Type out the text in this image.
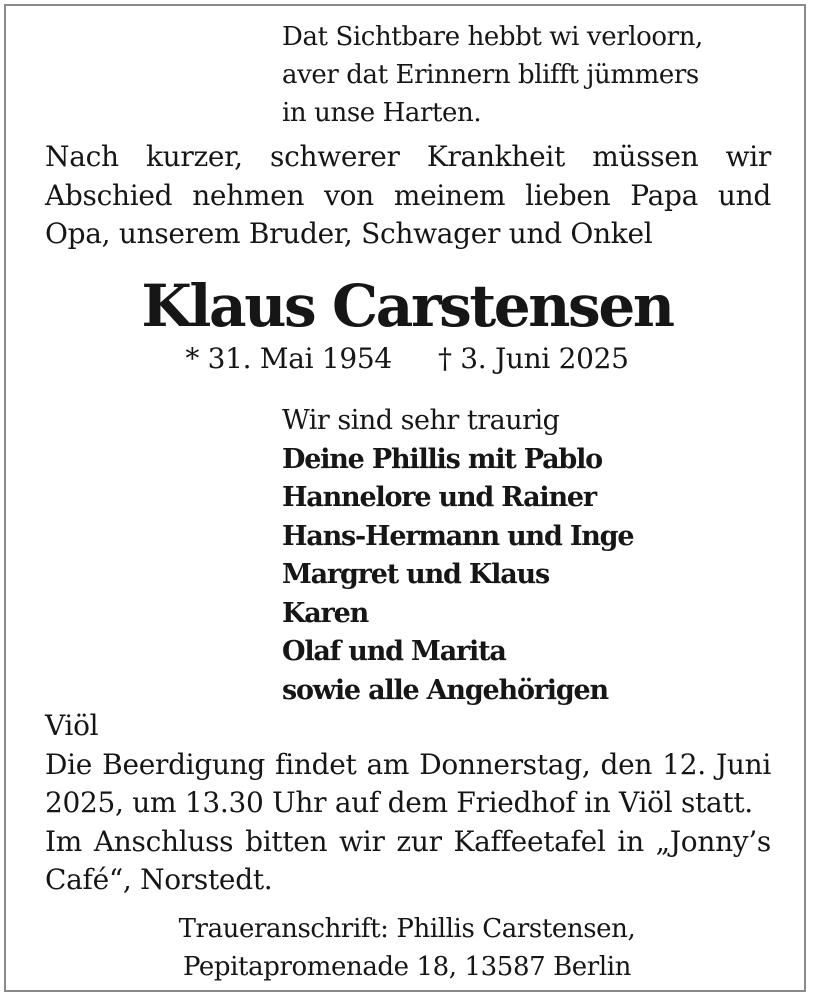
Dat Sichtbare hebbt wi verloorn,
aver dat Erinnern blifft jümmers
in unse Harten.
Nach kurzer, schwerer Krankheit müssen wir Abschied nehmen von meinem lieben Papa und Opa, unserem Bruder, Schwager und Onkel
Klaus Carstensen
* 31. Mai 1954 † 3. Juni 2025
Wir sind sehr traurig
Deine Phillis mit Pablo
Hannelore und Rainer
Hans-Hermann und Inge
Margret und Klaus
Karen
Olaf und Marita
sowie alle Angehörigen
Viöl
Die Beerdigung findet am Donnerstag, den 12. Juni 2025, um 13.30 Uhr auf dem Friedhof in Viöl statt.
Im Anschluss bitten wir zur Kaffeetafel in „Jonny’s Café“, Norstedt.
Traueranschrift: Phillis Carstensen,
Pepitapromenade 18, 13587 Berlin
